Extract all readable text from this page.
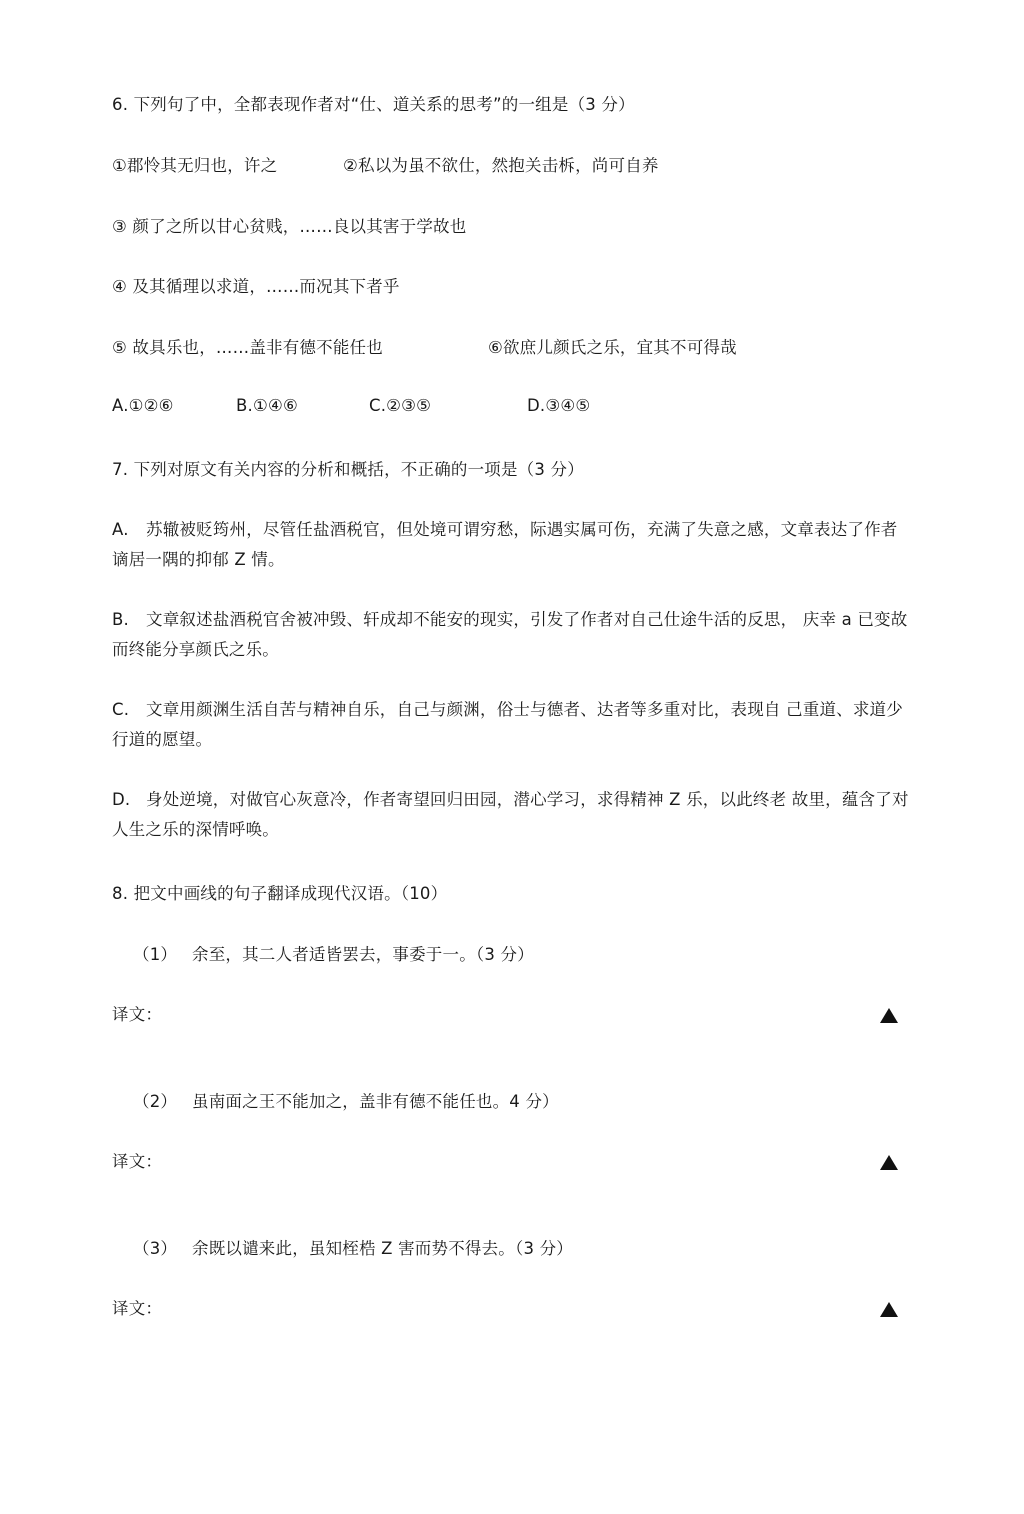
6. 下列句了中，全都表现作者对“仕、道关系的思考”的一组是（3 分）
①郡怜其无归也，许之	②私以为虽不欲仕，然抱关击柝，尚可自养
③ 颜了之所以甘心贫贱，……良以其害于学故也
④ 及其循理以求道，……而况其下者乎
⑤ 故具乐也，……盖非有德不能任也	⑥欲庶儿颜氏之乐，宜其不可得哉
A.①②⑥	B.①④⑥	C.②③⑤	D.③④⑤
7. 下列对原文有关内容的分析和概括，不正确的一项是（3 分）
A. 苏辙被贬筠州，尽管任盐酒税官，但处境可谓穷愁，际遇实属可伤，充满了失意之感，文章表达了作者谪居一隅的抑郁 Z 情。
B. 文章叙述盐酒税官舍被冲毁、轩成却不能安的现实，引发了作者对自己仕途牛活的反思， 庆幸 a 已变故而终能分享颜氏之乐。
C. 文章用颜渊生活自苦与精神自乐，自己与颜渊，俗士与德者、达者等多重对比，表现自 己重道、求道少行道的愿望。
D. 身处逆境，对做官心灰意冷，作者寄望回归田园，潜心学习，求得精神 Z 乐，以此终老 故里，蕴含了对人生之乐的深情呼唤。
8. 把文中画线的句子翻译成现代汉语。（10）
（1） 余至，其二人者适皆罢去，事委于一。（3 分）
译文：
（2） 虽南面之王不能加之，盖非有德不能任也。4 分）
译文：
（3） 余既以谴来此，虽知桎梏 Z 害而势不得去。（3 分）
译文：
